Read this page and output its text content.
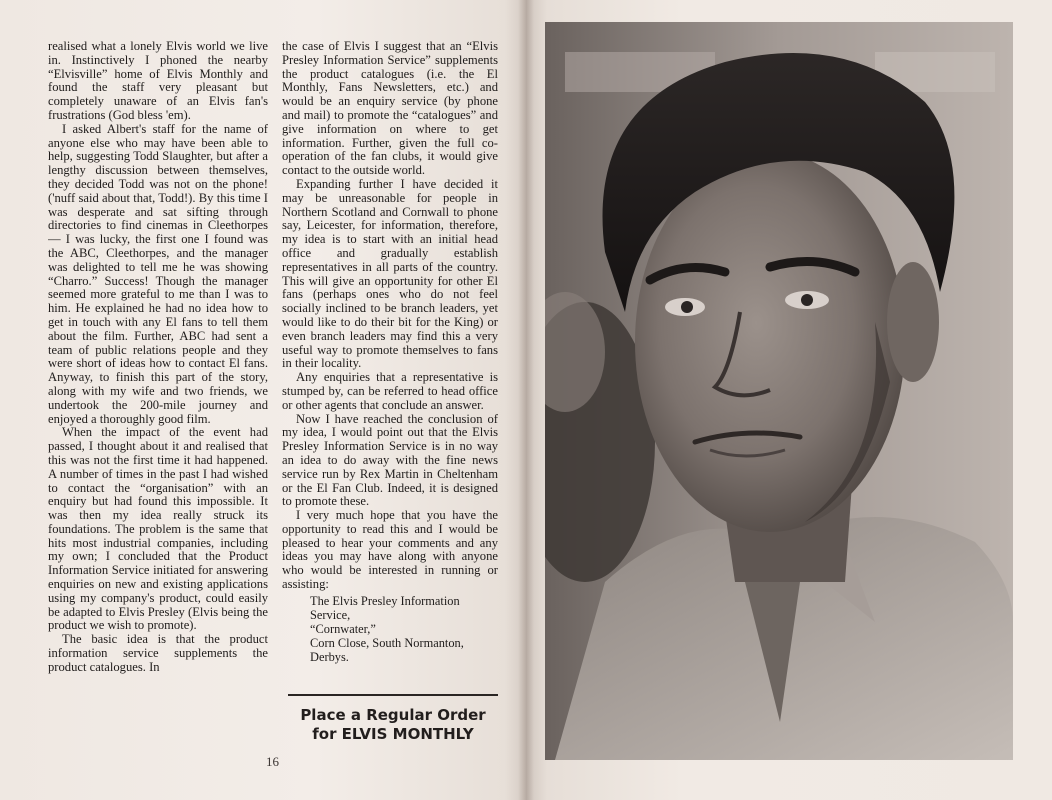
realised what a lonely Elvis world we live in. Instinctively I phoned the nearby “Elvisville” home of Elvis Monthly and found the staff very pleasant but completely unaware of an Elvis fan's frustrations (God bless 'em).

I asked Albert's staff for the name of anyone else who may have been able to help, suggesting Todd Slaughter, but after a lengthy discussion between themselves, they decided Todd was not on the phone! ('nuff said about that, Todd!). By this time I was desperate and sat sifting through directories to find cinemas in Cleethorpes — I was lucky, the first one I found was the ABC, Cleethorpes, and the manager was delighted to tell me he was showing “Charro.” Success! Though the manager seemed more grateful to me than I was to him. He explained he had no idea how to get in touch with any El fans to tell them about the film. Further, ABC had sent a team of public relations people and they were short of ideas how to contact El fans. Anyway, to finish this part of the story, along with my wife and two friends, we undertook the 200-mile journey and enjoyed a thoroughly good film.

When the impact of the event had passed, I thought about it and realised that this was not the first time it had happened. A number of times in the past I had wished to contact the “organisation” with an enquiry but had found this impossible. It was then my idea really struck its foundations. The problem is the same that hits most industrial companies, including my own; I concluded that the Product Information Service initiated for answering enquiries on new and existing applications using my company's product, could easily be adapted to Elvis Presley (Elvis being the product we wish to promote).

The basic idea is that the product information service supplements the product catalogues. In

the case of Elvis I suggest that an “Elvis Presley Information Service” supplements the product catalogues (i.e. the El Monthly, Fans Newsletters, etc.) and would be an enquiry service (by phone and mail) to promote the “catalogues” and give information on where to get information. Further, given the full co-operation of the fan clubs, it would give contact to the outside world.

Expanding further I have decided it may be unreasonable for people in Northern Scotland and Cornwall to phone say, Leicester, for information, therefore, my idea is to start with an initial head office and gradually establish representatives in all parts of the country. This will give an opportunity for other El fans (perhaps ones who do not feel socially inclined to be branch leaders, yet would like to do their bit for the King) or even branch leaders may find this a very useful way to promote themselves to fans in their locality.

Any enquiries that a representative is stumped by, can be referred to head office or other agents that conclude an answer.

Now I have reached the conclusion of my idea, I would point out that the Elvis Presley Information Service is in no way an idea to do away with the fine news service run by Rex Martin in Cheltenham or the El Fan Club. Indeed, it is designed to promote these.

I very much hope that you have the opportunity to read this and I would be pleased to hear your comments and any ideas you may have along with anyone who would be interested in running or assisting:

The Elvis Presley Information
Service,
“Cornwater,”
Corn Close, South Normanton,
Derbys.
Place a Regular Order
for ELVIS MONTHLY
16
